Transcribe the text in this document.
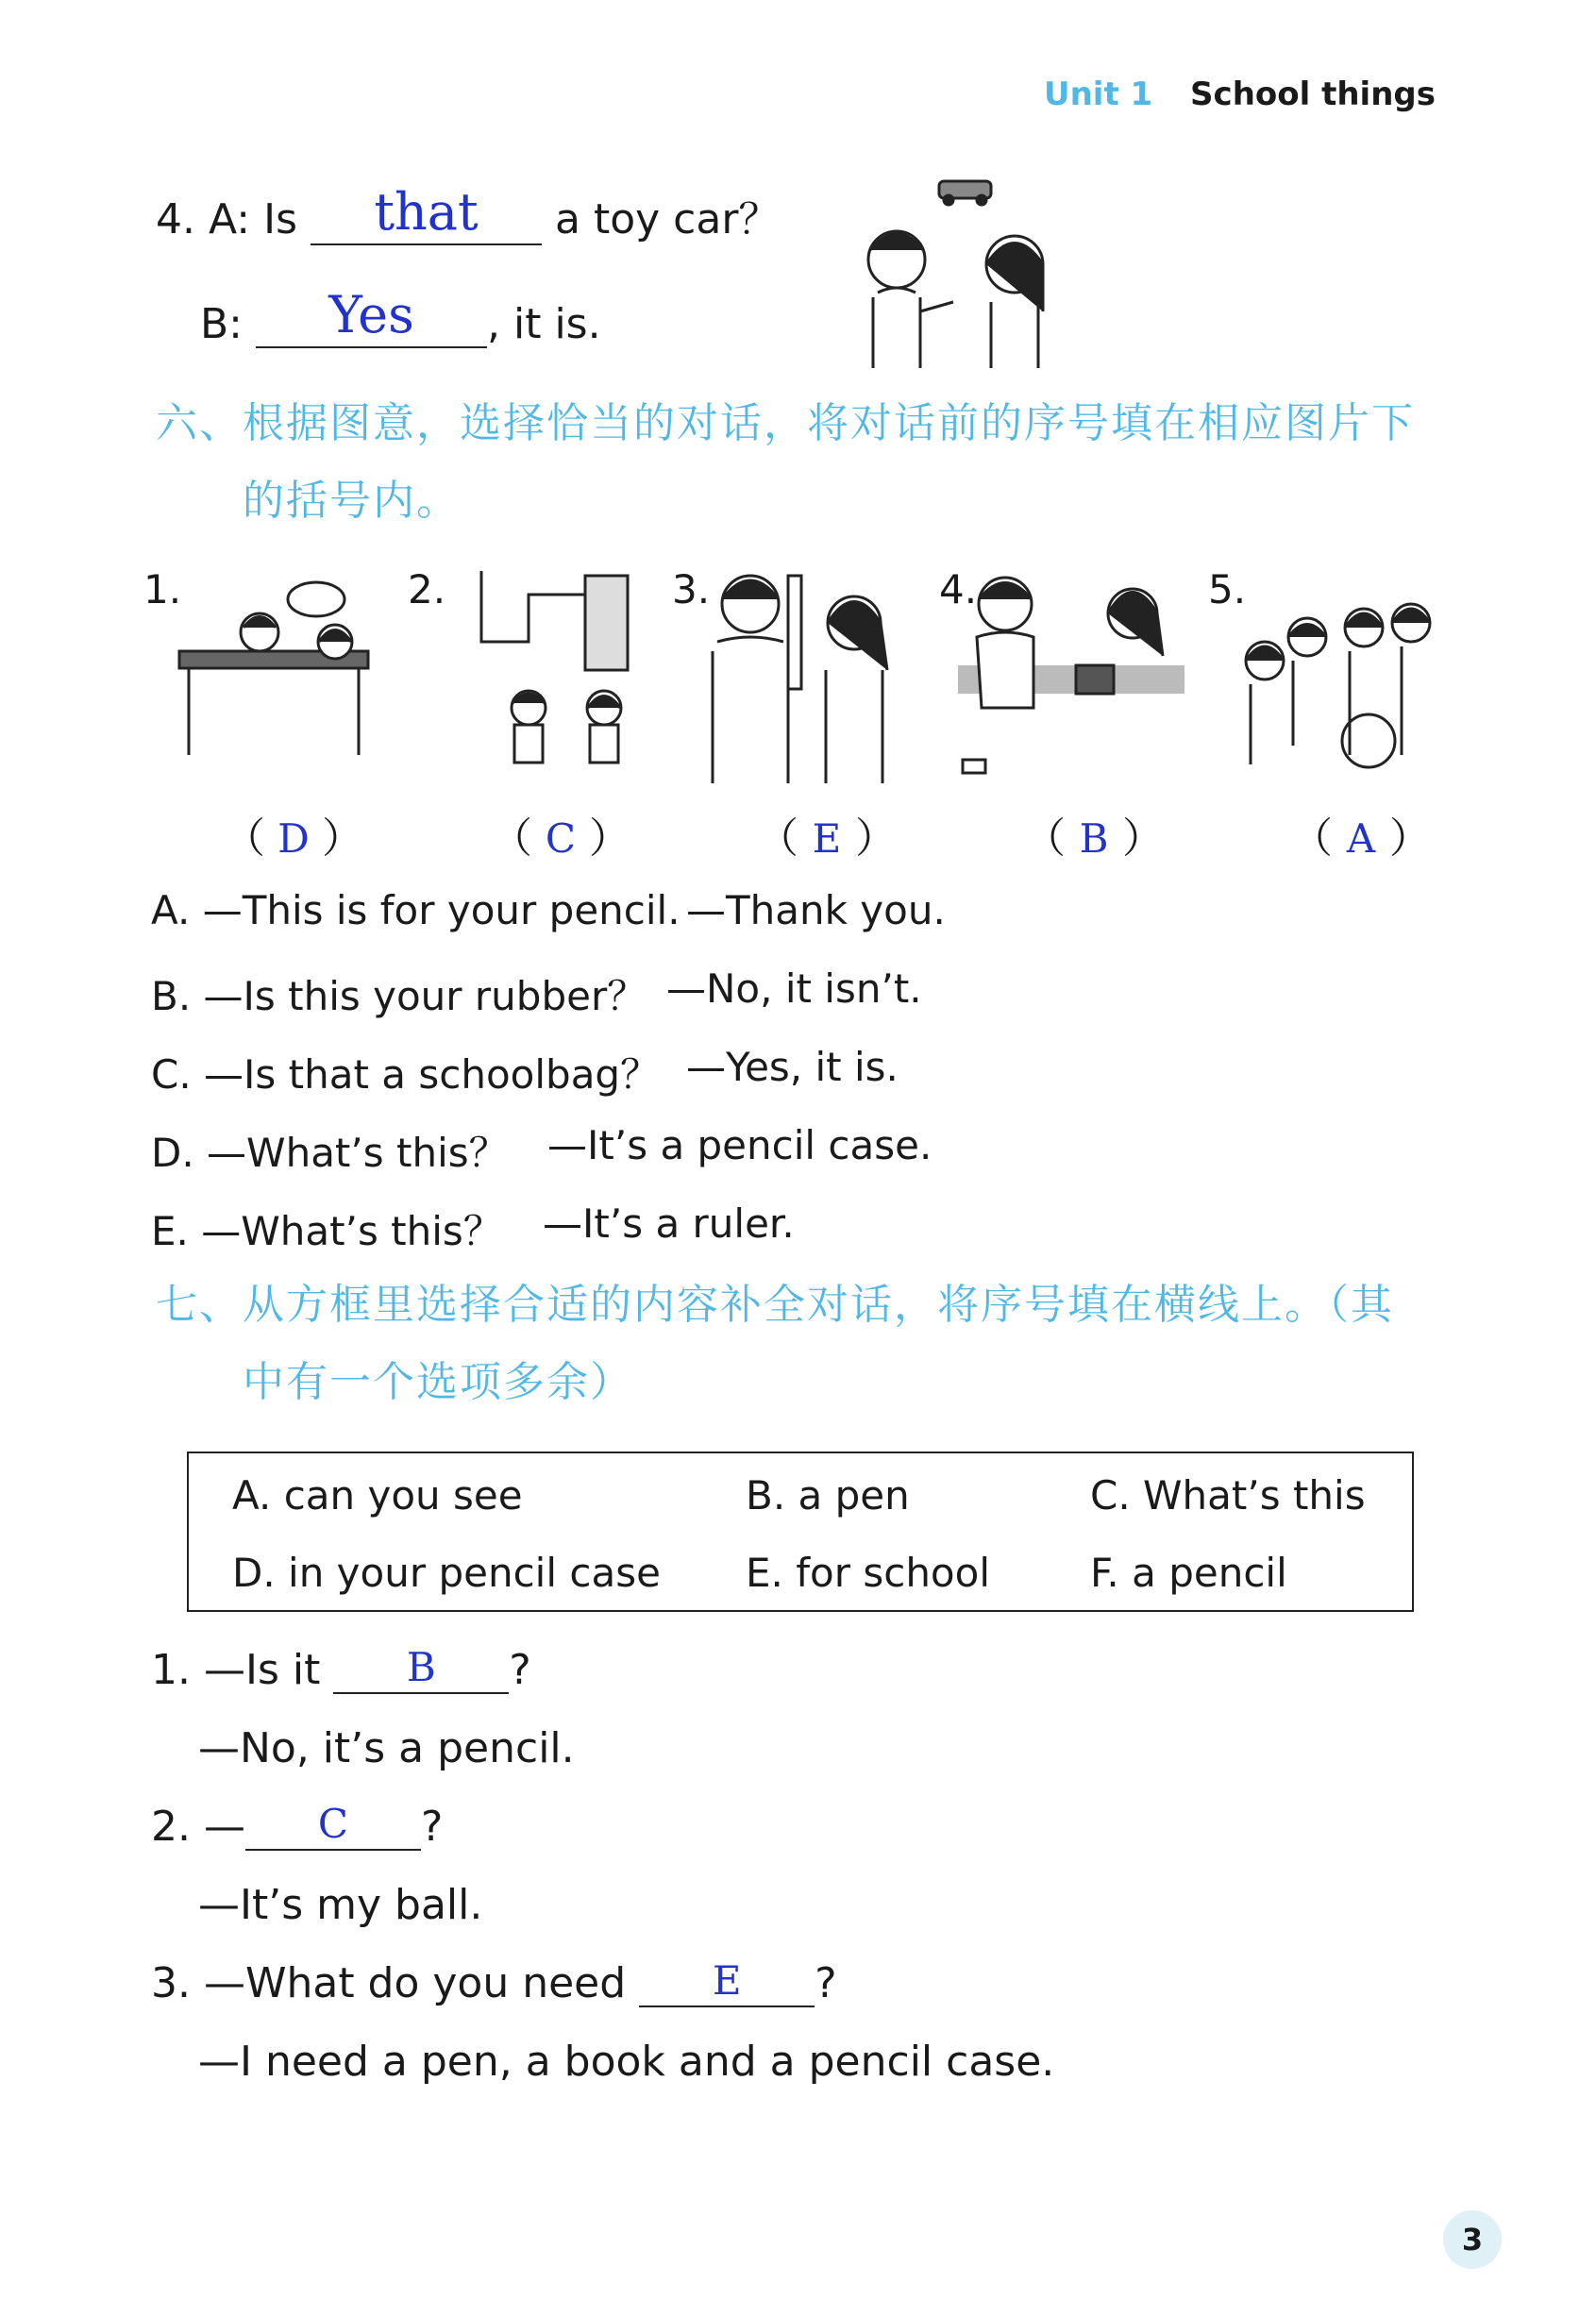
Unit 1 School things
4. A: Is	that	a toy car？
B:	Yes	, it is.
六、根据图意，选择恰当的对话，将对话前的序号填在相应图片下
的括号内。
1.	2.	3.	4.	5.
（ D ）	（ C ）	（ E ）	（ B ）	（ A ）
A. —This is for your pencil. —Thank you.
B. —Is this your rubber？ —No, it isn’t.
C. —Is that a schoolbag？ —Yes, it is.
D. —What’s this？ —It’s a pencil case.
E. —What’s this？ —It’s a ruler.
七、从方框里选择合适的内容补全对话，将序号填在横线上。（其
中有一个选项多余）
A. can you see	B. a pen	C. What’s this
D. in your pencil case E. for school	F. a pencil
1. —Is it	B	?
—No, it’s a pencil.
2. —	C	?
—It’s my ball.
3. —What do you need	E	?
—I need a pen, a book and a pencil case.
3
